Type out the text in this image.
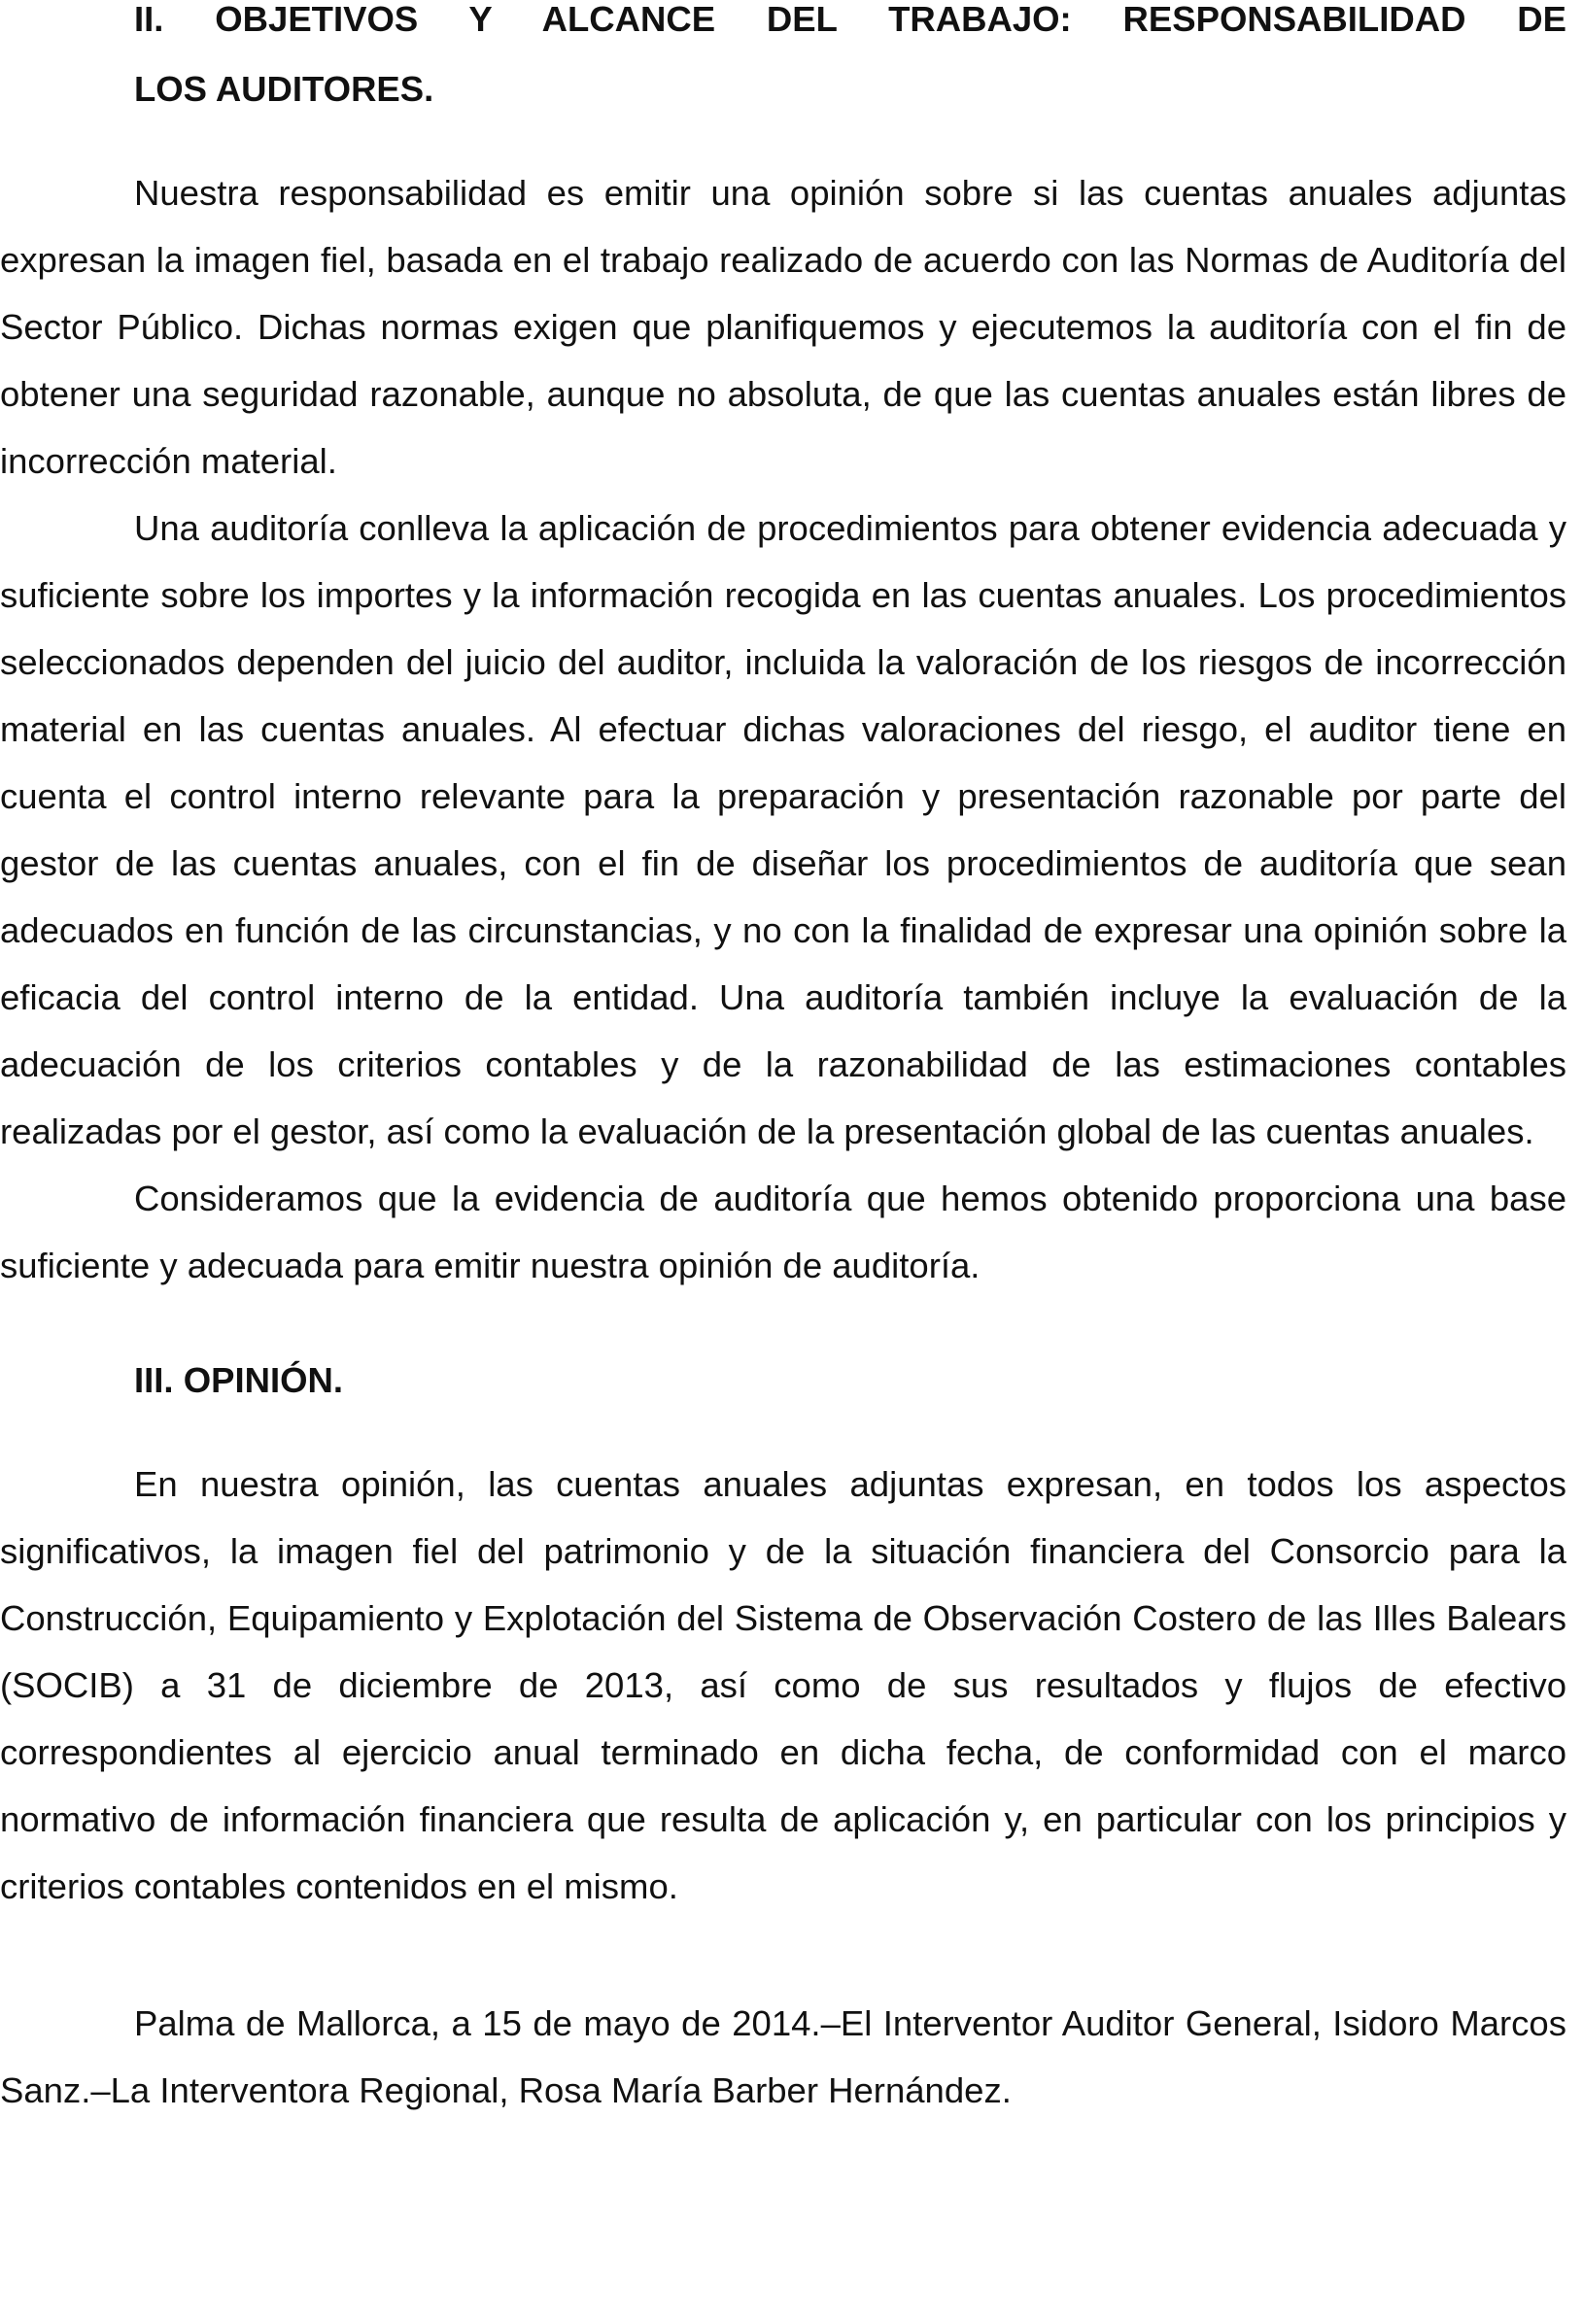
II. OBJETIVOS Y ALCANCE DEL TRABAJO: RESPONSABILIDAD DE
LOS AUDITORES.

Nuestra responsabilidad es emitir una opinión sobre si las cuentas anuales adjuntas expresan la imagen fiel, basada en el trabajo realizado de acuerdo con las Normas de Auditoría del Sector Público. Dichas normas exigen que planifiquemos y ejecutemos la auditoría con el fin de obtener una seguridad razonable, aunque no absoluta, de que las cuentas anuales están libres de incorrección material.

Una auditoría conlleva la aplicación de procedimientos para obtener evidencia adecuada y suficiente sobre los importes y la información recogida en las cuentas anuales. Los procedimientos seleccionados dependen del juicio del auditor, incluida la valoración de los riesgos de incorrección material en las cuentas anuales. Al efectuar dichas valoraciones del riesgo, el auditor tiene en cuenta el control interno relevante para la preparación y presentación razonable por parte del gestor de las cuentas anuales, con el fin de diseñar los procedimientos de auditoría que sean adecuados en función de las circunstancias, y no con la finalidad de expresar una opinión sobre la eficacia del control interno de la entidad. Una auditoría también incluye la evaluación de la adecuación de los criterios contables y de la razonabilidad de las estimaciones contables realizadas por el gestor, así como la evaluación de la presentación global de las cuentas anuales.

Consideramos que la evidencia de auditoría que hemos obtenido proporciona una base suficiente y adecuada para emitir nuestra opinión de auditoría.

III. OPINIÓN.

En nuestra opinión, las cuentas anuales adjuntas expresan, en todos los aspectos significativos, la imagen fiel del patrimonio y de la situación financiera del Consorcio para la Construcción, Equipamiento y Explotación del Sistema de Observación Costero de las Illes Balears (SOCIB) a 31 de diciembre de 2013, así como de sus resultados y flujos de efectivo correspondientes al ejercicio anual terminado en dicha fecha, de conformidad con el marco normativo de información financiera que resulta de aplicación y, en particular con los principios y criterios contables contenidos en el mismo.

Palma de Mallorca, a 15 de mayo de 2014.–El Interventor Auditor General, Isidoro Marcos Sanz.–La Interventora Regional, Rosa María Barber Hernández.
